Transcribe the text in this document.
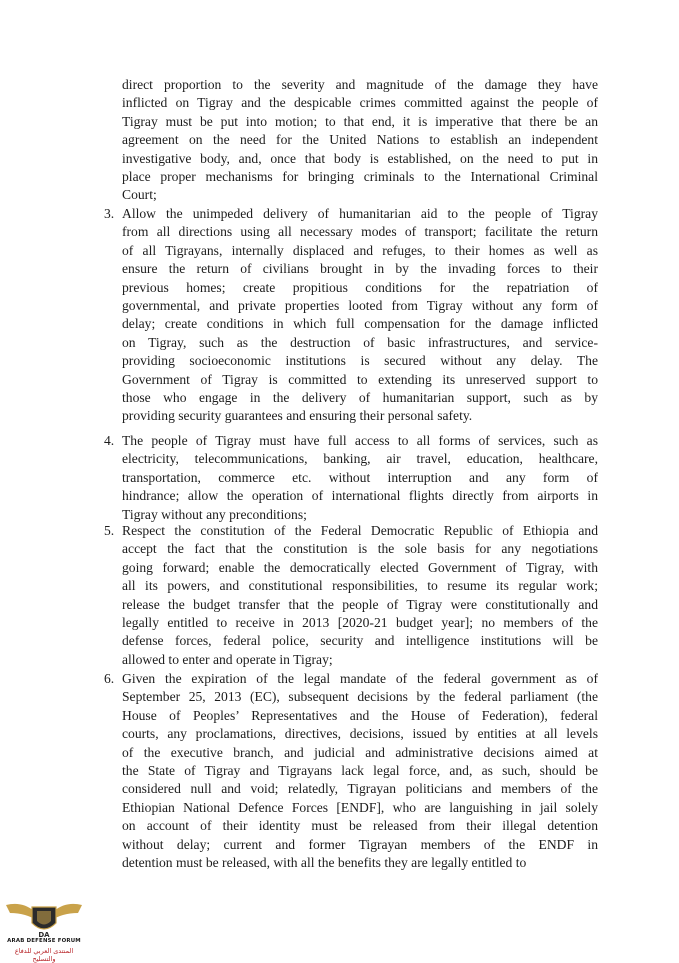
direct proportion to the severity and magnitude of the damage they have
inflicted on Tigray and the despicable crimes committed against the people of
Tigray must be put into motion; to that end, it is imperative that there be an
agreement on the need for the United Nations to establish an independent
investigative body, and, once that body is established, on the need to put in
place proper mechanisms for bringing criminals to the International Criminal
Court;
3. Allow the unimpeded delivery of humanitarian aid to the people of Tigray
from all directions using all necessary modes of transport; facilitate the return
of all Tigrayans, internally displaced and refuges, to their homes as well as
ensure the return of civilians brought in by the invading forces to their
previous homes; create propitious conditions for the repatriation of
governmental, and private properties looted from Tigray without any form of
delay; create conditions in which full compensation for the damage inflicted
on Tigray, such as the destruction of basic infrastructures, and service-
providing socioeconomic institutions is secured without any delay. The
Government of Tigray is committed to extending its unreserved support to
those who engage in the delivery of humanitarian support, such as by
providing security guarantees and ensuring their personal safety.
4. The people of Tigray must have full access to all forms of services, such as
electricity, telecommunications, banking, air travel, education, healthcare,
transportation, commerce etc. without interruption and any form of
hindrance; allow the operation of international flights directly from airports in
Tigray without any preconditions;
5. Respect the constitution of the Federal Democratic Republic of Ethiopia and
accept the fact that the constitution is the sole basis for any negotiations
going forward; enable the democratically elected Government of Tigray, with
all its powers, and constitutional responsibilities, to resume its regular work;
release the budget transfer that the people of Tigray were constitutionally and
legally entitled to receive in 2013 [2020-21 budget year]; no members of the
defense forces, federal police, security and intelligence institutions will be
allowed to enter and operate in Tigray;
6. Given the expiration of the legal mandate of the federal government as of
September 25, 2013 (EC), subsequent decisions by the federal parliament (the
House of Peoples’ Representatives and the House of Federation), federal
courts, any proclamations, directives, decisions, issued by entities at all levels
of the executive branch, and judicial and administrative decisions aimed at
the State of Tigray and Tigrayans lack legal force, and, as such, should be
considered null and void; relatedly, Tigrayan politicians and members of the
Ethiopian National Defence Forces [ENDF], who are languishing in jail solely
on account of their identity must be released from their illegal detention
without delay; current and former Tigrayan members of the ENDF in
detention must be released, with all the benefits they are legally entitled to
DA
ARAB DEFENSE FORUM
المنتدى العربي للدفاع والتسليح
